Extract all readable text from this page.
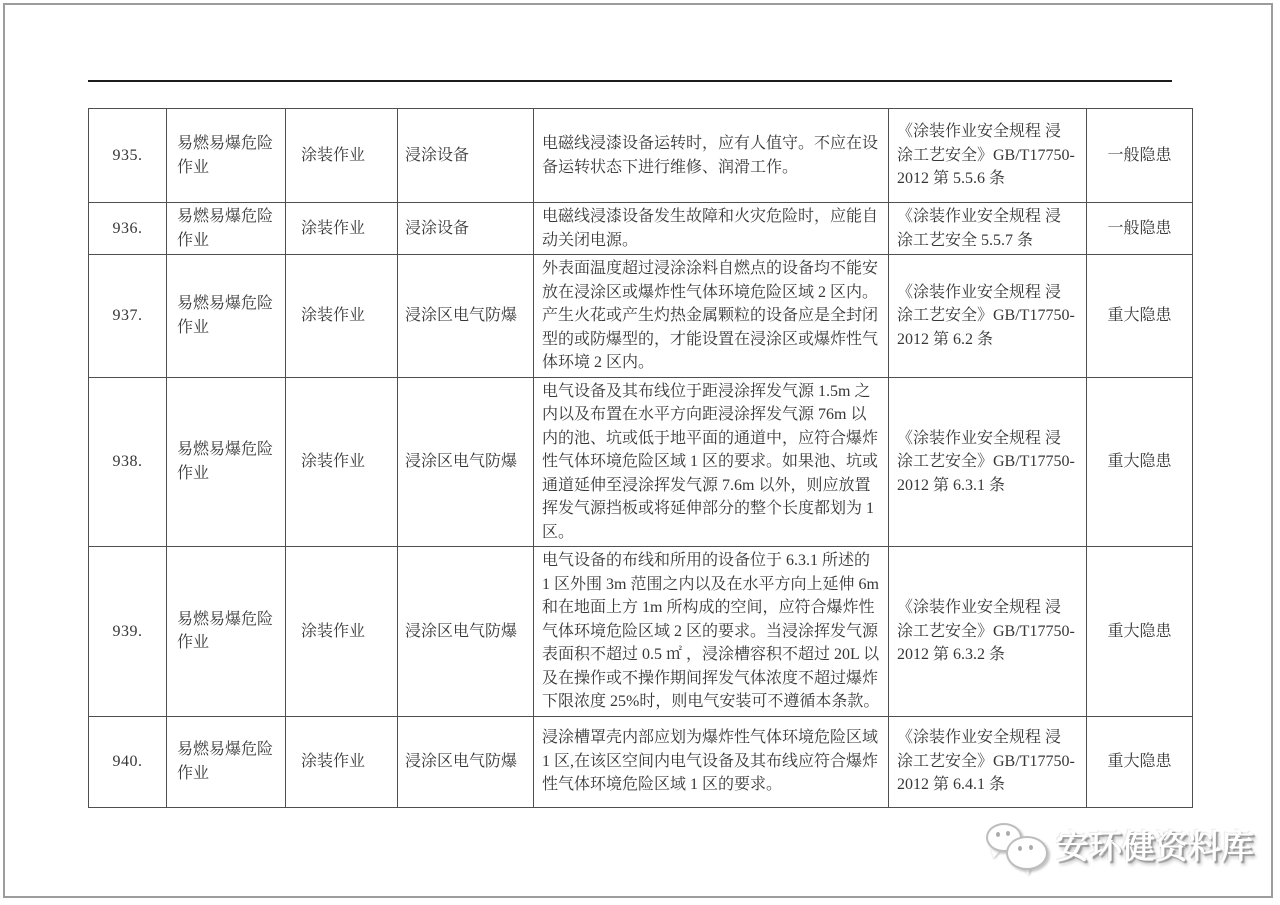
935.	易燃易爆危险作业	涂装作业	浸涂设备	电磁线浸漆设备运转时，应有人值守。不应在设备运转状态下进行维修、润滑工作。	《涂装作业安全规程 浸涂工艺安全》GB/T17750-2012 第 5.5.6 条	一般隐患
936.	易燃易爆危险作业	涂装作业	浸涂设备	电磁线浸漆设备发生故障和火灾危险时，应能自动关闭电源。	《涂装作业安全规程 浸涂工艺安全 5.5.7 条	一般隐患
937.	易燃易爆危险作业	涂装作业	浸涂区电气防爆	外表面温度超过浸涂涂料自燃点的设备均不能安放在浸涂区或爆炸性气体环境危险区域 2 区内。产生火花或产生灼热金属颗粒的设备应是全封闭型的或防爆型的，才能设置在浸涂区或爆炸性气体环境 2 区内。	《涂装作业安全规程 浸涂工艺安全》GB/T17750-2012 第 6.2 条	重大隐患
938.	易燃易爆危险作业	涂装作业	浸涂区电气防爆	电气设备及其布线位于距浸涂挥发气源 1.5m 之内以及布置在水平方向距浸涂挥发气源 76m 以内的池、坑或低于地平面的通道中，应符合爆炸性气体环境危险区域 1 区的要求。如果池、坑或通道延伸至浸涂挥发气源 7.6m 以外，则应放置挥发气源挡板或将延伸部分的整个长度都划为 1 区。	《涂装作业安全规程 浸涂工艺安全》GB/T17750-2012 第 6.3.1 条	重大隐患
939.	易燃易爆危险作业	涂装作业	浸涂区电气防爆	电气设备的布线和所用的设备位于 6.3.1 所述的 1 区外围 3m 范围之内以及在水平方向上延伸 6m 和在地面上方 1m 所构成的空间，应符合爆炸性气体环境危险区域 2 区的要求。当浸涂挥发气源表面积不超过 0.5 ㎡ ，浸涂槽容积不超过 20L 以及在操作或不操作期间挥发气体浓度不超过爆炸下限浓度 25%时，则电气安装可不遵循本条款。	《涂装作业安全规程 浸涂工艺安全》GB/T17750-2012 第 6.3.2 条	重大隐患
940.	易燃易爆危险作业	涂装作业	浸涂区电气防爆	浸涂槽罩壳内部应划为爆炸性气体环境危险区域 1 区,在该区空间内电气设备及其布线应符合爆炸性气体环境危险区域 1 区的要求。	《涂装作业安全规程 浸涂工艺安全》GB/T17750-2012 第 6.4.1 条	重大隐患
安环健资料库
